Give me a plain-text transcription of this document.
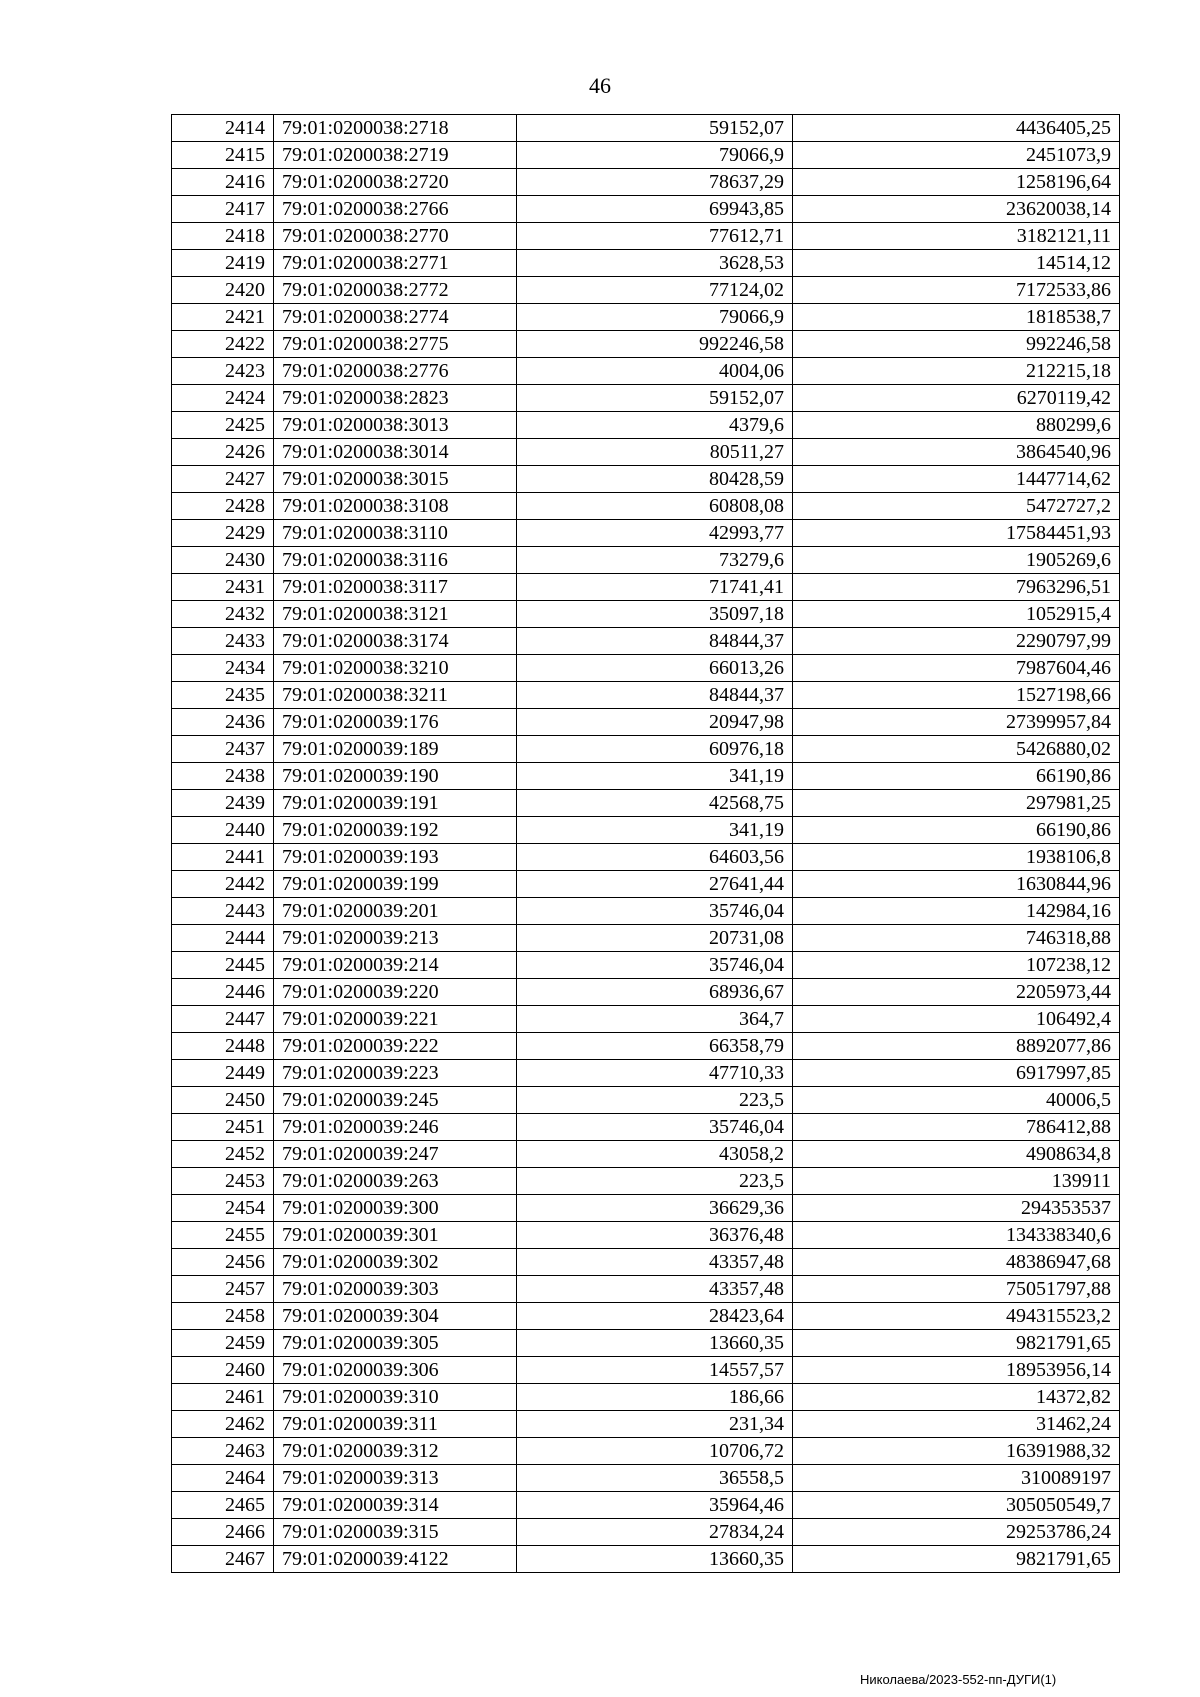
46
2414	79:01:0200038:2718	59152,07	4436405,25
2415	79:01:0200038:2719	79066,9	2451073,9
2416	79:01:0200038:2720	78637,29	1258196,64
2417	79:01:0200038:2766	69943,85	23620038,14
2418	79:01:0200038:2770	77612,71	3182121,11
2419	79:01:0200038:2771	3628,53	14514,12
2420	79:01:0200038:2772	77124,02	7172533,86
2421	79:01:0200038:2774	79066,9	1818538,7
2422	79:01:0200038:2775	992246,58	992246,58
2423	79:01:0200038:2776	4004,06	212215,18
2424	79:01:0200038:2823	59152,07	6270119,42
2425	79:01:0200038:3013	4379,6	880299,6
2426	79:01:0200038:3014	80511,27	3864540,96
2427	79:01:0200038:3015	80428,59	1447714,62
2428	79:01:0200038:3108	60808,08	5472727,2
2429	79:01:0200038:3110	42993,77	17584451,93
2430	79:01:0200038:3116	73279,6	1905269,6
2431	79:01:0200038:3117	71741,41	7963296,51
2432	79:01:0200038:3121	35097,18	1052915,4
2433	79:01:0200038:3174	84844,37	2290797,99
2434	79:01:0200038:3210	66013,26	7987604,46
2435	79:01:0200038:3211	84844,37	1527198,66
2436	79:01:0200039:176	20947,98	27399957,84
2437	79:01:0200039:189	60976,18	5426880,02
2438	79:01:0200039:190	341,19	66190,86
2439	79:01:0200039:191	42568,75	297981,25
2440	79:01:0200039:192	341,19	66190,86
2441	79:01:0200039:193	64603,56	1938106,8
2442	79:01:0200039:199	27641,44	1630844,96
2443	79:01:0200039:201	35746,04	142984,16
2444	79:01:0200039:213	20731,08	746318,88
2445	79:01:0200039:214	35746,04	107238,12
2446	79:01:0200039:220	68936,67	2205973,44
2447	79:01:0200039:221	364,7	106492,4
2448	79:01:0200039:222	66358,79	8892077,86
2449	79:01:0200039:223	47710,33	6917997,85
2450	79:01:0200039:245	223,5	40006,5
2451	79:01:0200039:246	35746,04	786412,88
2452	79:01:0200039:247	43058,2	4908634,8
2453	79:01:0200039:263	223,5	139911
2454	79:01:0200039:300	36629,36	294353537
2455	79:01:0200039:301	36376,48	134338340,6
2456	79:01:0200039:302	43357,48	48386947,68
2457	79:01:0200039:303	43357,48	75051797,88
2458	79:01:0200039:304	28423,64	494315523,2
2459	79:01:0200039:305	13660,35	9821791,65
2460	79:01:0200039:306	14557,57	18953956,14
2461	79:01:0200039:310	186,66	14372,82
2462	79:01:0200039:311	231,34	31462,24
2463	79:01:0200039:312	10706,72	16391988,32
2464	79:01:0200039:313	36558,5	310089197
2465	79:01:0200039:314	35964,46	305050549,7
2466	79:01:0200039:315	27834,24	29253786,24
2467	79:01:0200039:4122	13660,35	9821791,65
Николаева/2023-552-пп-ДУГИ(1)
